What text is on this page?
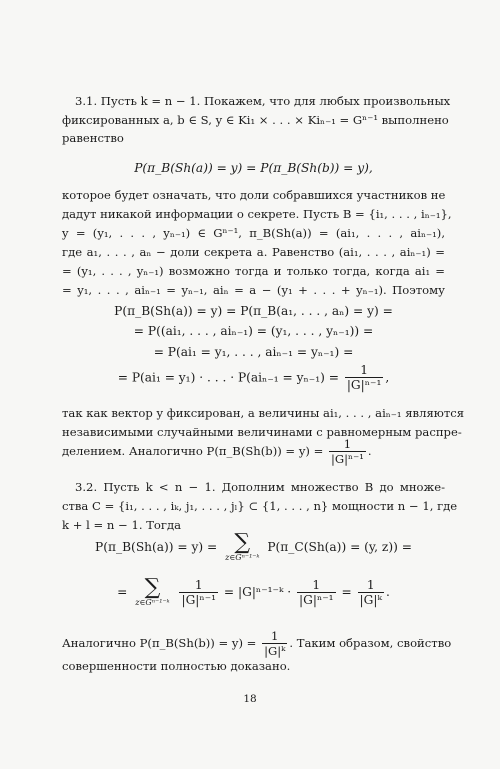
3.1. Пусть k = n − 1. Покажем, что для любых произвольных
фиксированных a, b ∈ S, y ∈ Ki₁ × . . . × Kiₙ₋₁ = Gⁿ⁻¹ выполнено
равенство
P(π_B(Sh(a)) = y) = P(π_B(Sh(b)) = y),
которое будет означать, что доли собравшихся участников не
дадут никакой информации о секрете. Пусть B = {i₁, . . . , iₙ₋₁},
y = (y₁, . . . , yₙ₋₁) ∈ Gⁿ⁻¹, π_B(Sh(a)) = (ai₁, . . . , aiₙ₋₁),
где a₁, . . . , aₙ − доли секрета a. Равенство (ai₁, . . . , aiₙ₋₁) =
= (y₁, . . . , yₙ₋₁) возможно тогда и только тогда, когда ai₁ =
= y₁, . . . , aiₙ₋₁ = yₙ₋₁, aiₙ = a − (y₁ + . . . + yₙ₋₁). Поэтому
P(π_B(Sh(a)) = y) = P(π_B(a₁, . . . , aₙ) = y) =
= P((ai₁, . . . , aiₙ₋₁) = (y₁, . . . , yₙ₋₁)) =
= P(ai₁ = y₁, . . . , aiₙ₋₁ = yₙ₋₁) =
= P(ai₁ = y₁) · . . . · $P(ai_{n-1} = y_{n-1}) = \frac{1}{\text{|G|ⁿ⁻¹}}$ ,
так как вектор y фиксирован, а величины ai₁, . . . , aiₙ₋₁ являются
независимыми случайными величинами с равномерным распре-
делением. Аналогично P(π_B(Sh(b)) = $y) = \frac{1}{\text{|G|ⁿ⁻¹}}$ .
3.2. Пусть k < n − 1. Дополним множество B до множе-
ства C = {i₁, . . . , iₖ, j₁, . . . , jₗ} ⊂ {1, . . . , n} мощности n − 1, где
k + l = n − 1. Тогда
P(π_B(Sh(a)) = y) = ∑
z∈Gⁿ⁻¹⁻ᵏ
P(π_C(Sh(a)) = (y, z)) =
= ∑
z∈Gⁿ⁻¹⁻ᵏ
$\frac{1}{\text{|G|ⁿ⁻¹}}$ = |G|ⁿ⁻¹⁻ᵏ · $\frac{1}{\text{|G|ⁿ⁻¹}} = \frac{1}{\text{|G|ᵏ}}$ .
Аналогично P(π_B(Sh(b)) = $y) = \frac{1}{\text{|G|ᵏ}}$ . Таким образом, свойство
совершенности полностью доказано.
18
